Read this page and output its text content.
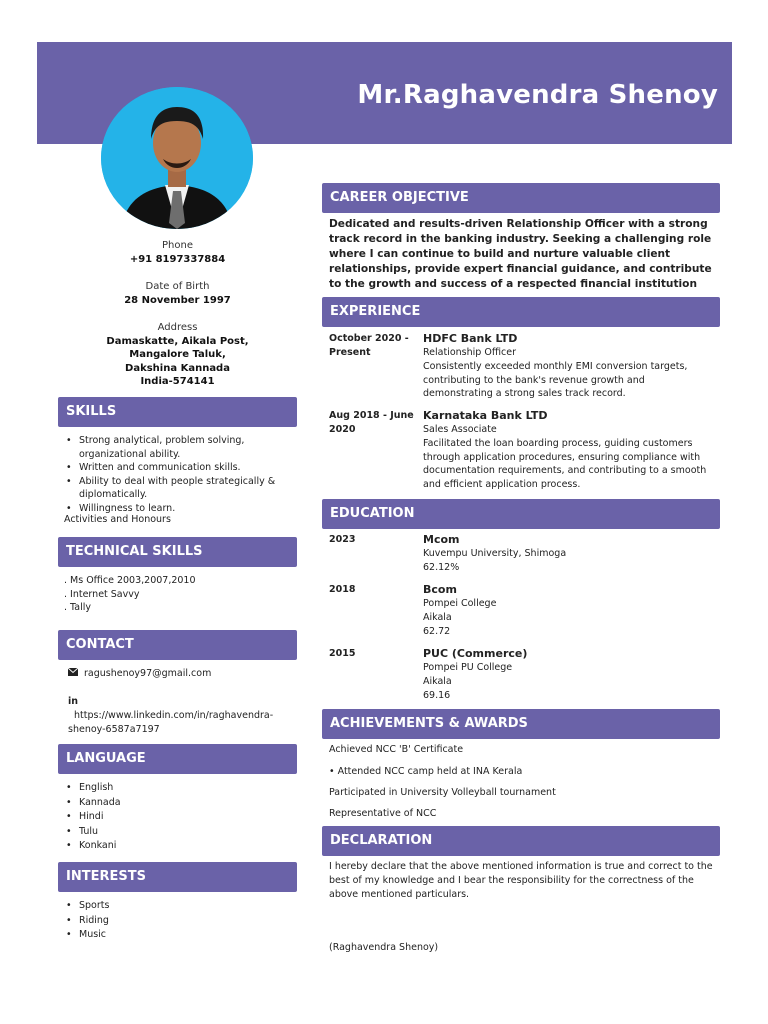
Mr.Raghavendra Shenoy
Phone
+91 8197337884
Date of Birth
28 November 1997
Address
Damaskatte, Aikala Post,
Mangalore Taluk,
Dakshina Kannada
India-574141
SKILLS
• Strong analytical, problem solving, organizational ability.
• Written and communication skills.
• Ability to deal with people strategically & diplomatically.
• Willingness to learn.
Activities and Honours
TECHNICAL SKILLS
. Ms Office 2003,2007,2010
. Internet Savvy
. Tally
CONTACT
ragushenoy97@gmail.com
in
https://www.linkedin.com/in/raghavendra-shenoy-6587a7197
LANGUAGE
• English
• Kannada
• Hindi
• Tulu
• Konkani
INTERESTS
• Sports
• Riding
• Music
CAREER OBJECTIVE

Dedicated and results-driven Relationship Officer with a strong track record in the banking industry. Seeking a challenging role where I can continue to build and nurture valuable client relationships, provide expert financial guidance, and contribute to the growth and success of a respected financial institution

EXPERIENCE
October 2020 - Present
HDFC Bank LTD
Relationship Officer
Consistently exceeded monthly EMI conversion targets, contributing to the bank's revenue growth and demonstrating a strong sales track record.
Aug 2018 - June 2020
Karnataka Bank LTD
Sales Associate
Facilitated the loan boarding process, guiding customers through application procedures, ensuring compliance with documentation requirements, and contributing to a smooth and efficient application process.
EDUCATION
2023	Mcom
Kuvempu University, Shimoga
62.12%
2018	Bcom
Pompei College
Aikala
62.72
2015	PUC (Commerce)
Pompei PU College
Aikala
69.16
ACHIEVEMENTS & AWARDS
Achieved NCC 'B' Certificate
• Attended NCC camp held at INA Kerala
Participated in University Volleyball tournament
Representative of NCC
DECLARATION
I hereby declare that the above mentioned information is true and correct to the best of my knowledge and I bear the responsibility for the correctness of the above mentioned particulars.
(Raghavendra Shenoy)
